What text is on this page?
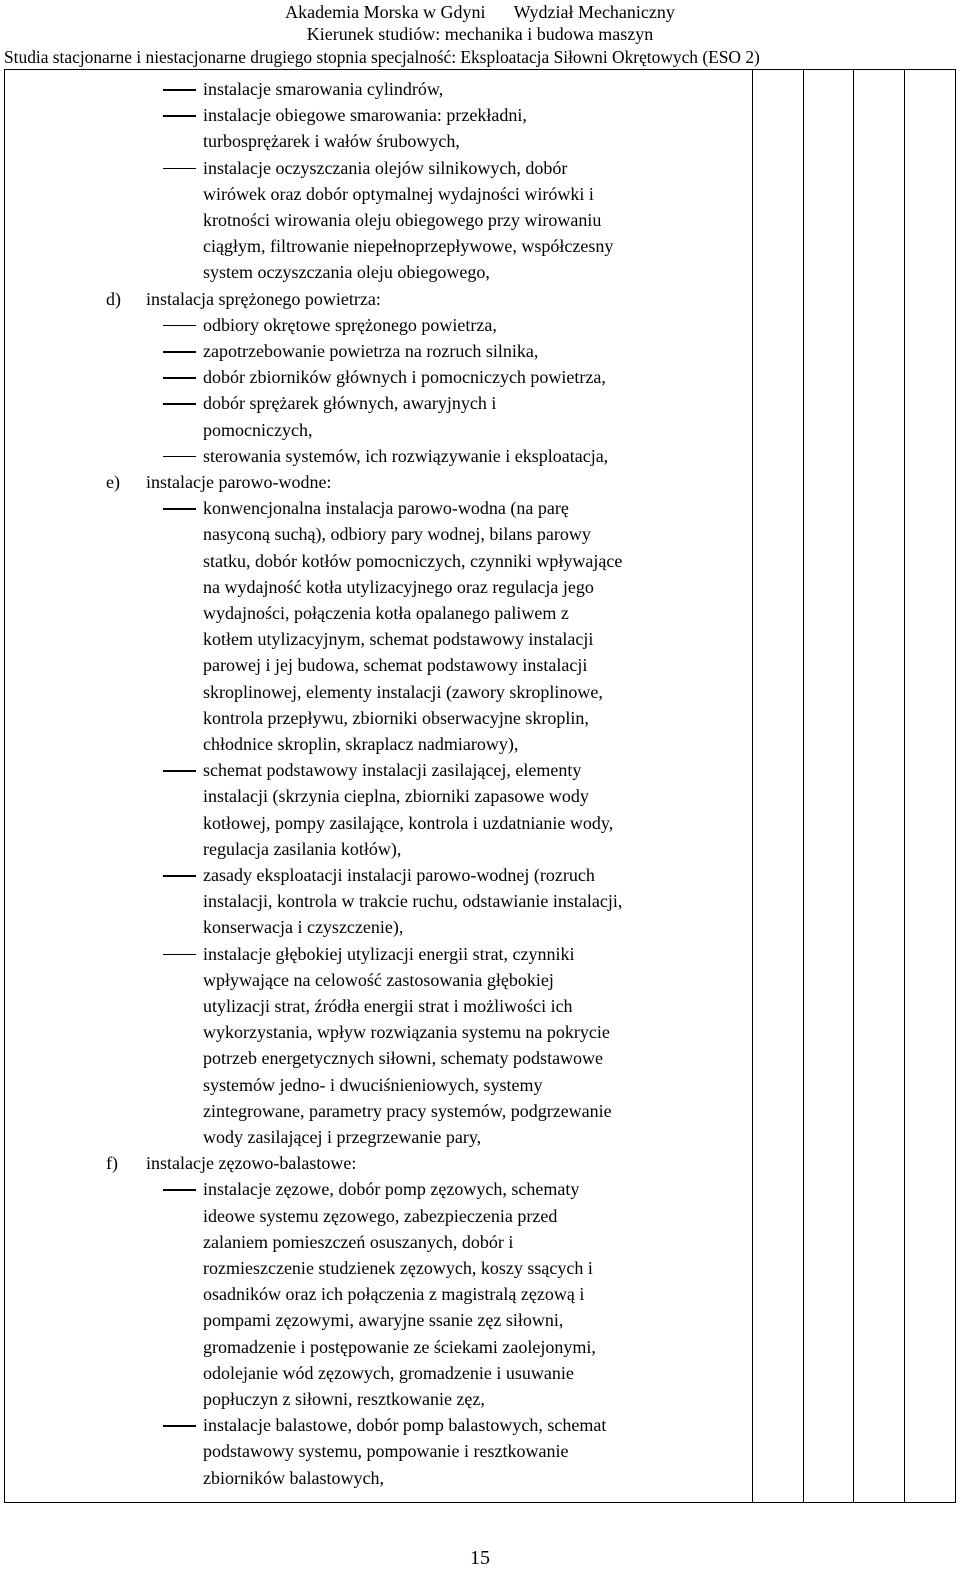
Akademia Morska w Gdyni Wydział Mechaniczny
Kierunek studiów: mechanika i budowa maszyn
Studia stacjonarne i niestacjonarne drugiego stopnia specjalność: Eksploatacja Siłowni Okrętowych (ESO 2)
instalacje smarowania cylindrów,
instalacje obiegowe smarowania: przekładni,
turbosprężarek i wałów śrubowych,
instalacje oczyszczania olejów silnikowych, dobór
wirówek oraz dobór optymalnej wydajności wirówki i
krotności wirowania oleju obiegowego przy wirowaniu
ciągłym, filtrowanie niepełnoprzepływowe, współczesny
system oczyszczania oleju obiegowego,
d) instalacja sprężonego powietrza:
odbiory okrętowe sprężonego powietrza,
zapotrzebowanie powietrza na rozruch silnika,
dobór zbiorników głównych i pomocniczych powietrza,
dobór sprężarek głównych, awaryjnych i
pomocniczych,
sterowania systemów, ich rozwiązywanie i eksploatacja,
e) instalacje parowo-wodne:
konwencjonalna instalacja parowo-wodna (na parę
nasyconą suchą), odbiory pary wodnej, bilans parowy
statku, dobór kotłów pomocniczych, czynniki wpływające
na wydajność kotła utylizacyjnego oraz regulacja jego
wydajności, połączenia kotła opalanego paliwem z
kotłem utylizacyjnym, schemat podstawowy instalacji
parowej i jej budowa, schemat podstawowy instalacji
skroplinowej, elementy instalacji (zawory skroplinowe,
kontrola przepływu, zbiorniki obserwacyjne skroplin,
chłodnice skroplin, skraplacz nadmiarowy),
schemat podstawowy instalacji zasilającej, elementy
instalacji (skrzynia cieplna, zbiorniki zapasowe wody
kotłowej, pompy zasilające, kontrola i uzdatnianie wody,
regulacja zasilania kotłów),
zasady eksploatacji instalacji parowo-wodnej (rozruch
instalacji, kontrola w trakcie ruchu, odstawianie instalacji,
konserwacja i czyszczenie),
instalacje głębokiej utylizacji energii strat, czynniki
wpływające na celowość zastosowania głębokiej
utylizacji strat, źródła energii strat i możliwości ich
wykorzystania, wpływ rozwiązania systemu na pokrycie
potrzeb energetycznych siłowni, schematy podstawowe
systemów jedno- i dwuciśnieniowych, systemy
zintegrowane, parametry pracy systemów, podgrzewanie
wody zasilającej i przegrzewanie pary,
f) instalacje zęzowo-balastowe:
instalacje zęzowe, dobór pomp zęzowych, schematy
ideowe systemu zęzowego, zabezpieczenia przed
zalaniem pomieszczeń osuszanych, dobór i
rozmieszczenie studzienek zęzowych, koszy ssących i
osadników oraz ich połączenia z magistralą zęzową i
pompami zęzowymi, awaryjne ssanie zęz siłowni,
gromadzenie i postępowanie ze ściekami zaolejonymi,
odolejanie wód zęzowych, gromadzenie i usuwanie
popłuczyn z siłowni, resztkowanie zęz,
instalacje balastowe, dobór pomp balastowych, schemat
podstawowy systemu, pompowanie i resztkowanie
zbiorników balastowych,
15
